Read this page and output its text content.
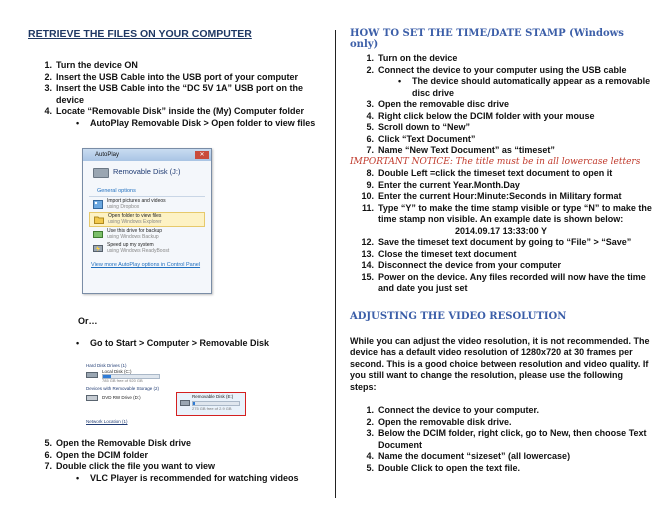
RETRIEVE THE FILES ON YOUR COMPUTER
1. Turn the device ON
2. Insert the USB Cable into the USB port of your computer
3. Insert the USB Cable into the “DC 5V 1A” USB port on the device
4. Locate “Removable Disk” inside the (My) Computer folder
• AutoPlay Removable Disk > Open folder to view files
AutoPlay	✕
Removable Disk (J:)
General options
Import pictures and videos
using Dropbox
Open folder to view files
using Windows Explorer
Use this drive for backup
using Windows Backup
Speed up my system
using Windows ReadyBoost
View more AutoPlay options in Control Panel

Or…

• Go to Start > Computer > Removable Disk
Hard Disk Drives (1)
Local Disk (C:)
785 GB free of 920 GB
Devices with Removable Storage (2)
DVD RW Drive (D:)	Removable Disk (E:)
275 GB free of 2.9 GB
Network Location (1)
5. Open the Removable Disk drive
6. Open the DCIM folder
7. Double click the file you want to view
• VLC Player is recommended for watching videos
HOW TO SET THE TIME/DATE STAMP (Windows only)
1. Turn on the device
2. Connect the device to your computer using the USB cable
• The device should automatically appear as a removable disc drive
3. Open the removable disc drive
4. Right click below the DCIM folder with your mouse
5. Scroll down to “New”
6. Click “Text Document”
7. Name “New Text Document” as “timeset”
IMPORTANT NOTICE: The title must be in all lowercase letters
8. Double Left =click the timeset text document to open it
9. Enter the current Year.Month.Day
10. Enter the current Hour:Minute:Seconds in Military format
11. Type “Y” to make the time stamp visible or type “N” to make the time stamp non visible. An example date is shown below:
2014.09.17 13:33:00 Y
12. Save the timeset text document by going to “File” > “Save”
13. Close the timeset text document
14. Disconnect the device from your computer
15. Power on the device. Any files recorded will now have the time and date you just set
ADJUSTING THE VIDEO RESOLUTION

While you can adjust the video resolution, it is not recommended. The device has a default video resolution of 1280x720 at 30 frames per second. This is a good choice between resolution and video quality. If you still want to change the resolution, please use the following steps:

1. Connect the device to your computer.
2. Open the removable disk drive.
3. Below the DCIM folder, right click, go to New, then choose Text Document
4. Name the document “sizeset” (all lowercase)
5. Double Click to open the text file.
